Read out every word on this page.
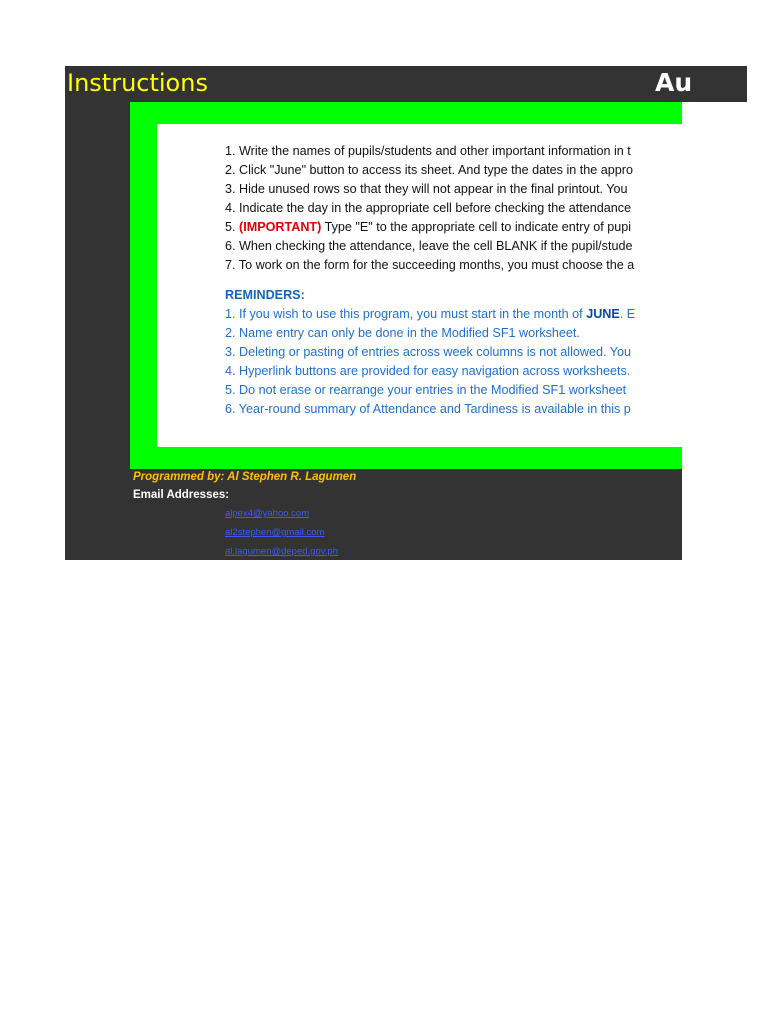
Instructions	Au
1. Write the names of pupils/students and other important information in t
2. Click "June" button to access its sheet. And type the dates in the appro
3. Hide unused rows so that they will not appear in the final printout. You
4. Indicate the day in the appropriate cell before checking the attendance
5. (IMPORTANT) Type "E" to the appropriate cell to indicate entry of pupi
6. When checking the attendance, leave the cell BLANK if the pupil/stude
7. To work on the form for the succeeding months, you must choose the a
REMINDERS:
1. If you wish to use this program, you must start in the month of JUNE. E
2. Name entry can only be done in the Modified SF1 worksheet.
3. Deleting or pasting of entries across week columns is not allowed. You
4. Hyperlink buttons are provided for easy navigation across worksheets.
5. Do not erase or rearrange your entries in the Modified SF1 worksheet
6. Year-round summary of Attendance and Tardiness is available in this p
Programmed by: Al Stephen R. Lagumen
Email Addresses:
alpex4@yahoo.com
al2stephen@gmail.com
al.lagumen@deped.gov.ph
